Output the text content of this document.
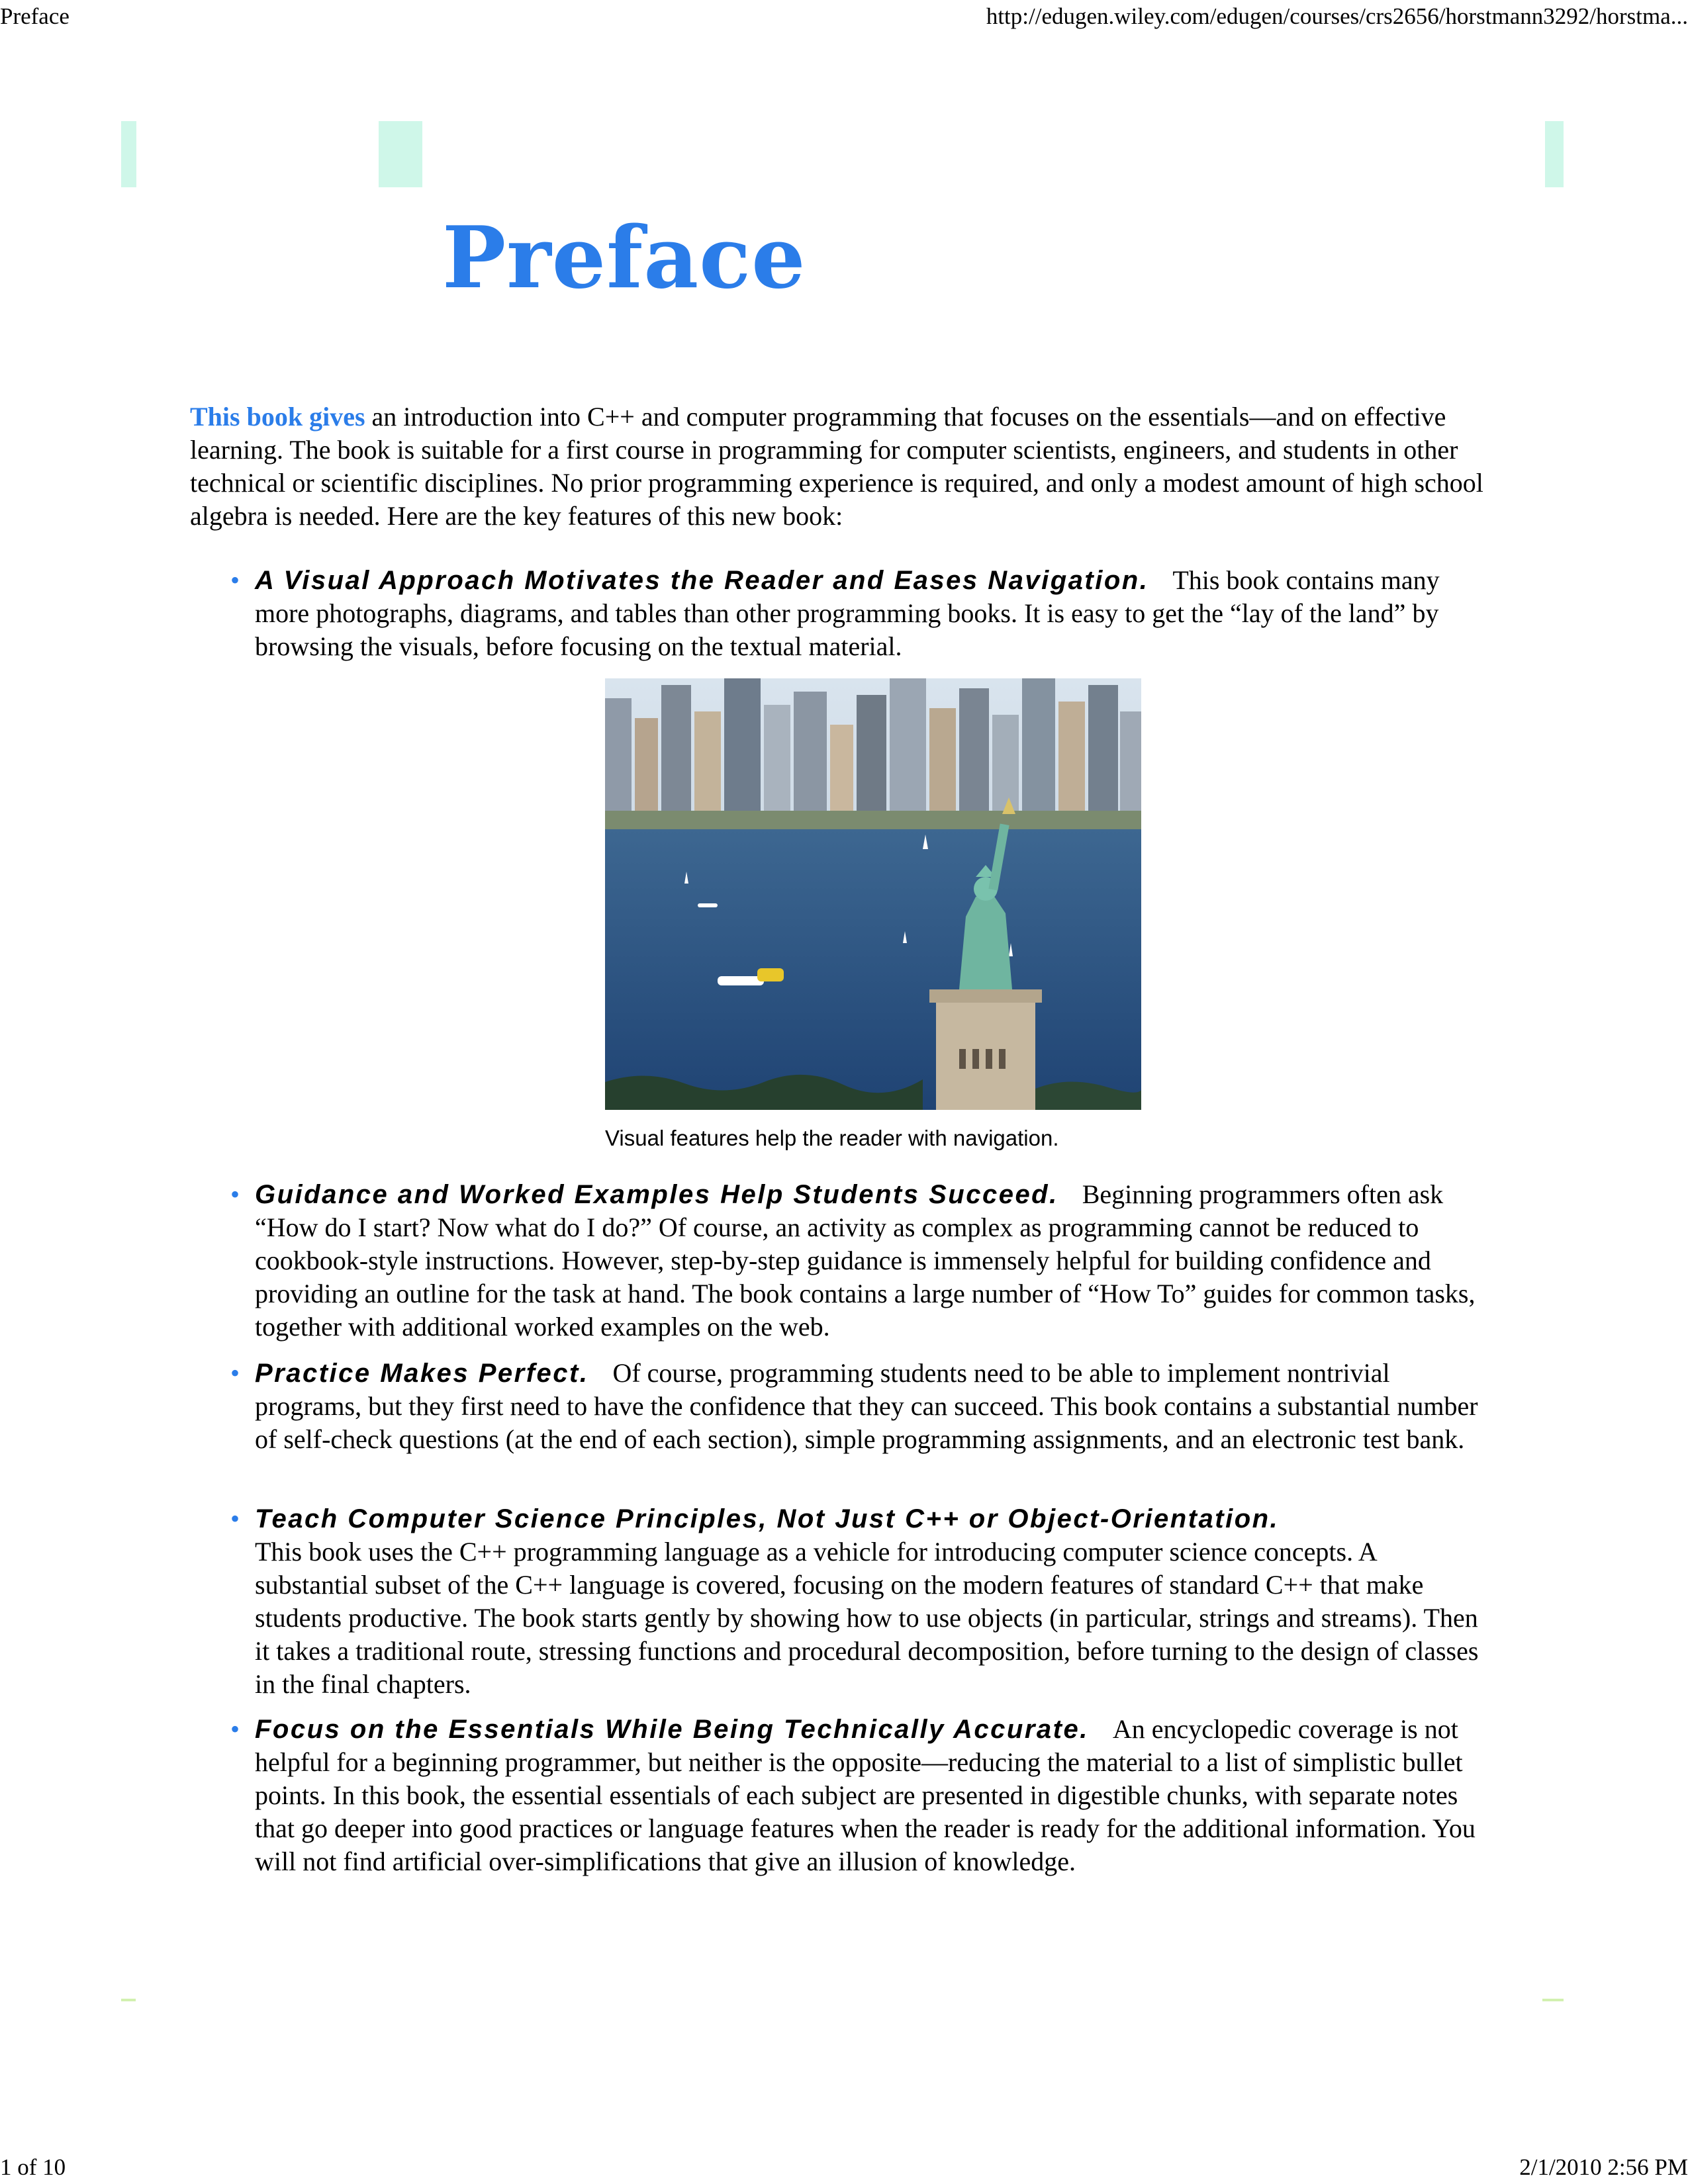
Preface	http://edugen.wiley.com/edugen/courses/crs2656/horstmann3292/horstma...
Preface

This book gives an introduction into C++ and computer programming that focuses on the essentials—and on effective learning. The book is suitable for a first course in programming for computer scientists, engineers, and students in other technical or scientific disciplines. No prior programming experience is required, and only a modest amount of high school algebra is needed. Here are the key features of this new book:

• A Visual Approach Motivates the Reader and Eases Navigation. This book contains many more photographs, diagrams, and tables than other programming books. It is easy to get the “lay of the land” by browsing the visuals, before focusing on the textual material.
Visual features help the reader with navigation.
• Guidance and Worked Examples Help Students Succeed. Beginning programmers often ask “How do I start? Now what do I do?” Of course, an activity as complex as programming cannot be reduced to cookbook-style instructions. However, step-by-step guidance is immensely helpful for building confidence and providing an outline for the task at hand. The book contains a large number of “How To” guides for common tasks, together with additional worked examples on the web.
• Practice Makes Perfect. Of course, programming students need to be able to implement nontrivial programs, but they first need to have the confidence that they can succeed. This book contains a substantial number of self-check questions (at the end of each section), simple programming assignments, and an electronic test bank.
• Teach Computer Science Principles, Not Just C++ or Object-Orientation.
This book uses the C++ programming language as a vehicle for introducing computer science concepts. A substantial subset of the C++ language is covered, focusing on the modern features of standard C++ that make students productive. The book starts gently by showing how to use objects (in particular, strings and streams). Then it takes a traditional route, stressing functions and procedural decomposition, before turning to the design of classes in the final chapters.
• Focus on the Essentials While Being Technically Accurate. An encyclopedic coverage is not helpful for a beginning programmer, but neither is the opposite—reducing the material to a list of simplistic bullet points. In this book, the essential essentials of each subject are presented in digestible chunks, with separate notes that go deeper into good practices or language features when the reader is ready for the additional information. You will not find artificial over-simplifications that give an illusion of knowledge.
1 of 10	2/1/2010 2:56 PM
